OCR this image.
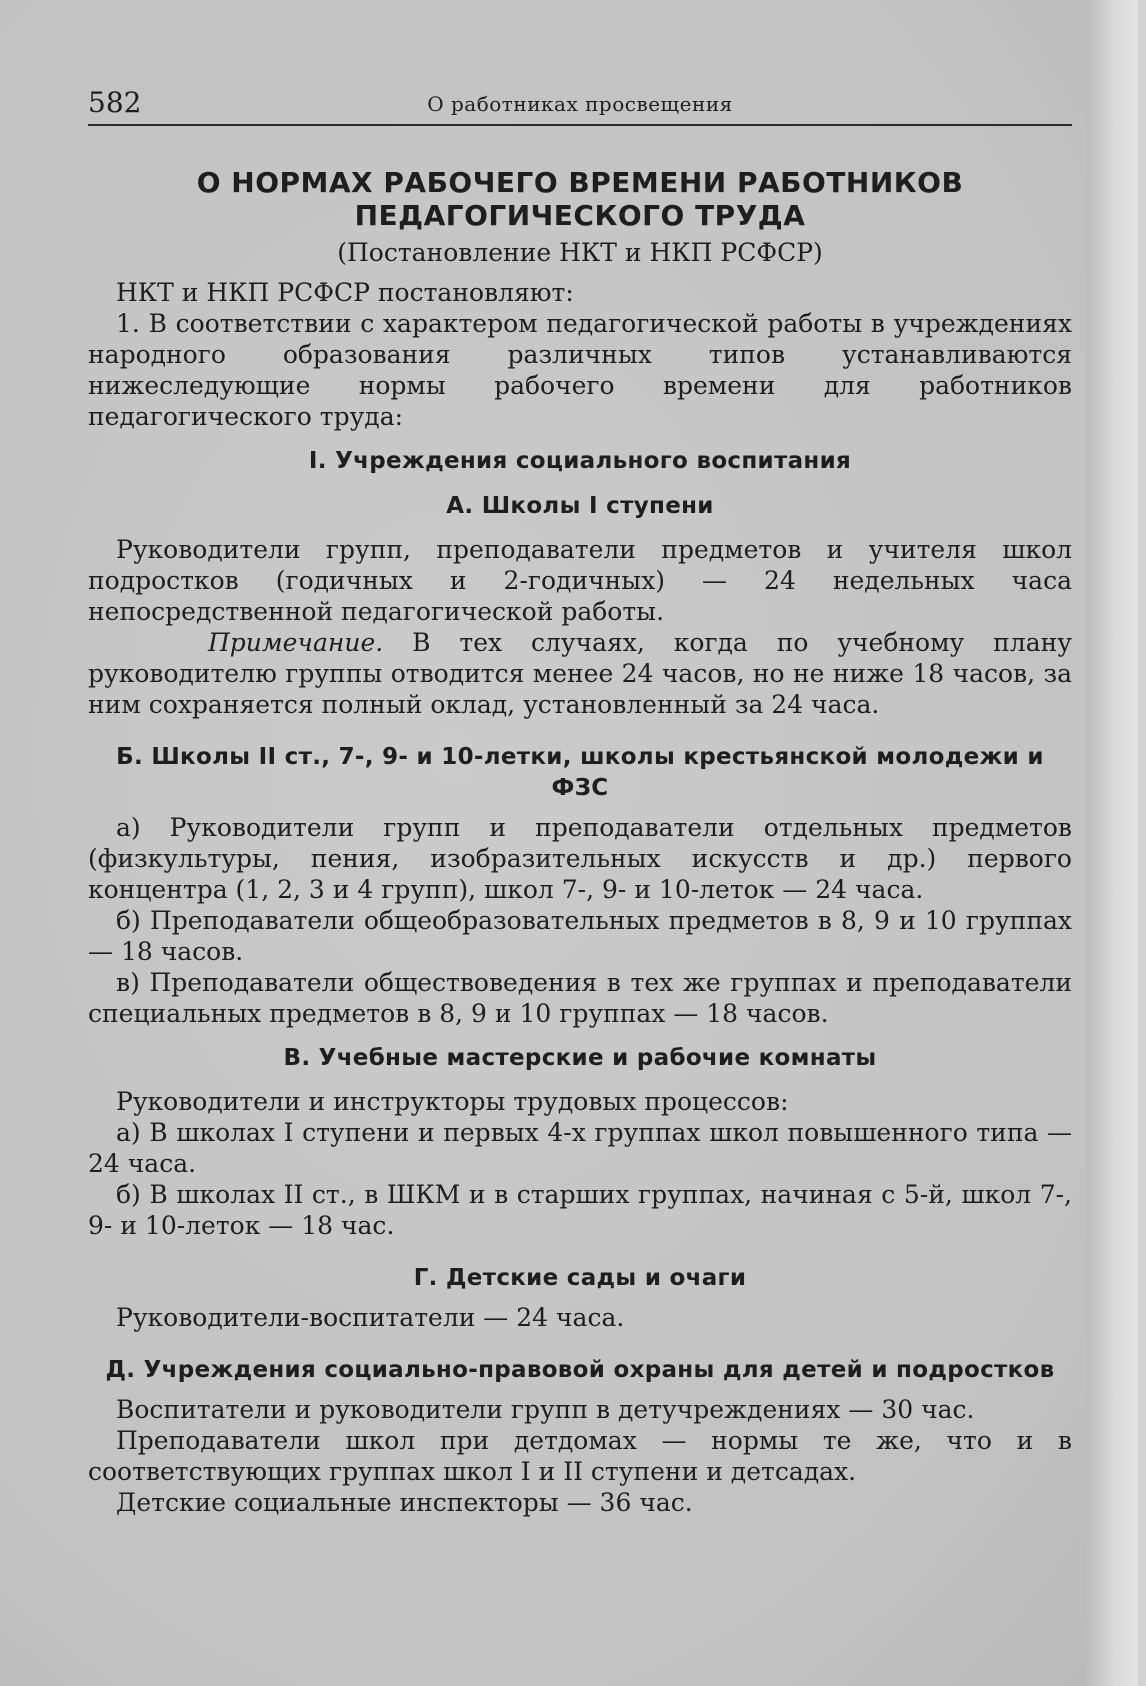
582	О работниках просвещения
О НОРМАХ РАБОЧЕГО ВРЕМЕНИ РАБОТНИКОВ ПЕДАГОГИЧЕСКОГО ТРУДА
(Постановление НКТ и НКП РСФСР)

НКТ и НКП РСФСР постановляют:

1. В соответствии с характером педагогической работы в учреждениях народного образования различных типов устанавливаются нижеследующие нормы рабочего времени для работников педагогического труда:

I. Учреждения социального воспитания
А. Школы I ступени

Руководители групп, преподаватели предметов и учителя школ подростков (годичных и 2-годичных) — 24 недельных часа непосредственной педагогической работы.

Примечание. В тех случаях, когда по учебному плану руководителю группы отводится менее 24 часов, но не ниже 18 часов, за ним сохраняется полный оклад, установленный за 24 часа.

Б. Школы II ст., 7-, 9- и 10-летки, школы крестьянской молодежи и ФЗС

а) Руководители групп и преподаватели отдельных предметов (физкультуры, пения, изобразительных искусств и др.) первого концентра (1, 2, 3 и 4 групп), школ 7-, 9- и 10-леток — 24 часа.

б) Преподаватели общеобразовательных предметов в 8, 9 и 10 группах — 18 часов.

в) Преподаватели обществоведения в тех же группах и преподаватели специальных предметов в 8, 9 и 10 группах — 18 часов.

В. Учебные мастерские и рабочие комнаты

Руководители и инструкторы трудовых процессов:

а) В школах I ступени и первых 4-х группах школ повышенного типа — 24 часа.

б) В школах II ст., в ШКМ и в старших группах, начиная с 5-й, школ 7-, 9- и 10-леток — 18 час.

Г. Детские сады и очаги

Руководители-воспитатели — 24 часа.

Д. Учреждения социально-правовой охраны для детей и подростков

Воспитатели и руководители групп в детучреждениях — 30 час.

Преподаватели школ при детдомах — нормы те же, что и в соответствующих группах школ I и II ступени и детсадах.

Детские социальные инспекторы — 36 час.
